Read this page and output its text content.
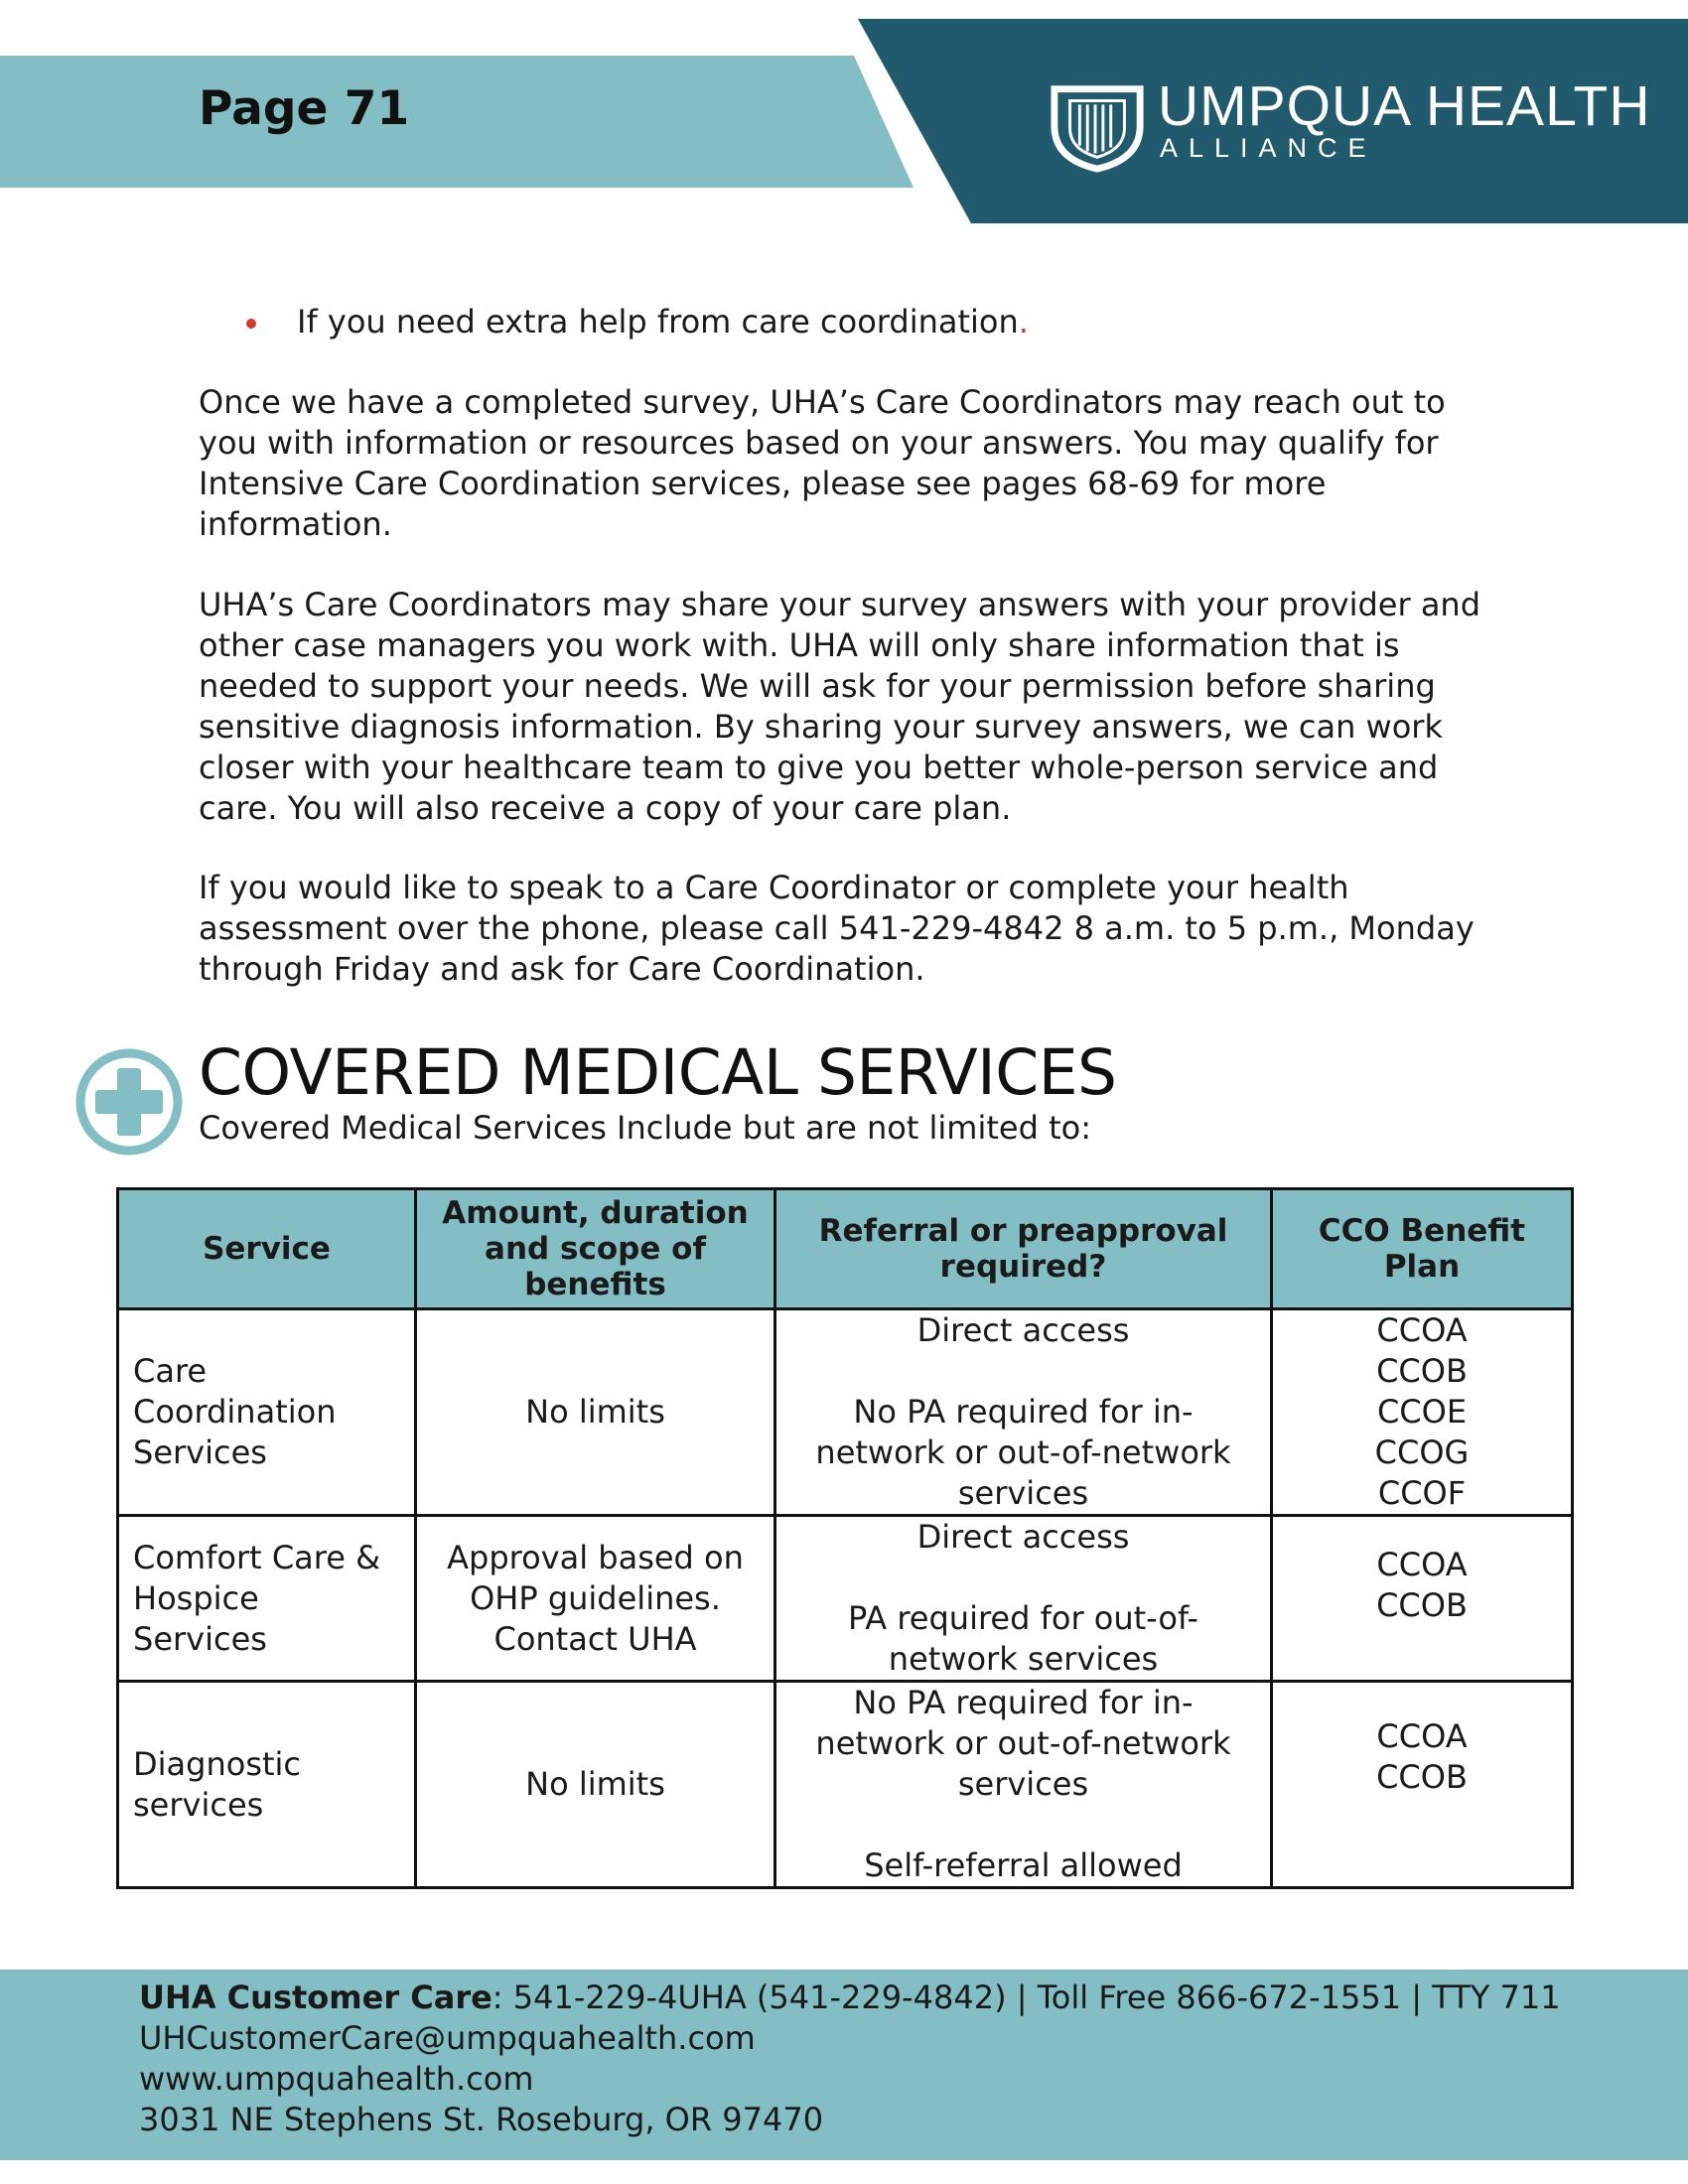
Page 71	UMPQUA HEALTH
ALLIANCE
If you need extra help from care coordination.

Once we have a completed survey, UHA’s Care Coordinators may reach out to
you with information or resources based on your answers. You may qualify for
Intensive Care Coordination services, please see pages 68-69 for more
information.

UHA’s Care Coordinators may share your survey answers with your provider and
other case managers you work with. UHA will only share information that is
needed to support your needs. We will ask for your permission before sharing
sensitive diagnosis information. By sharing your survey answers, we can work
closer with your healthcare team to give you better whole-person service and
care. You will also receive a copy of your care plan.

If you would like to speak to a Care Coordinator or complete your health
assessment over the phone, please call 541-229-4842 8 a.m. to 5 p.m., Monday
through Friday and ask for Care Coordination.

COVERED MEDICAL SERVICES
Covered Medical Services Include but are not limited to:
Service	Amount, duration
and scope of
benefits	Referral or preapproval
required?	CCO Benefit
Plan
Care
Coordination
Services	No limits	Direct access

No PA required for in-
network or out-of-network
services	CCOA
CCOB
CCOE
CCOG
CCOF
Comfort Care &
Hospice
Services	Approval based on
OHP guidelines.
Contact UHA	Direct access

PA required for out-of-
network services	CCOA
CCOB
Diagnostic
services	No limits	No PA required for in-
network or out-of-network
services

Self-referral allowed	CCOA
CCOB
UHA Customer Care: 541-229-4UHA (541-229-4842) | Toll Free 866-672-1551 | TTY 711
UHCustomerCare@umpquahealth.com
www.umpquahealth.com
3031 NE Stephens St. Roseburg, OR 97470
